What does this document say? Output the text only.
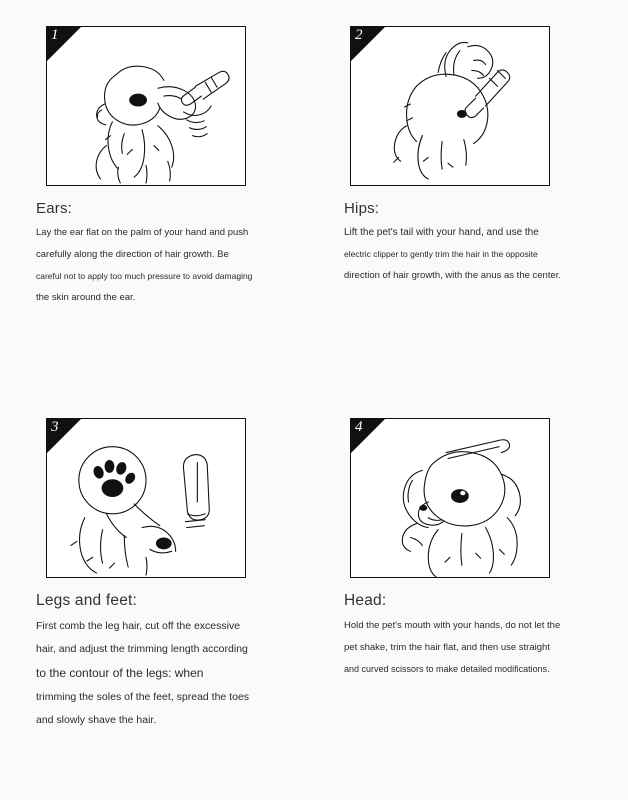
1
Ears:
Lay the ear flat on the palm of your hand and push
carefully along the direction of hair growth. Be
careful not to apply too much pressure to avoid damaging
the skin around the ear.
2
Hips:
Lift the pet's tail with your hand, and use the
electric clipper to gently trim the hair in the opposite
direction of hair growth, with the anus as the center.
3
Legs and feet:
First comb the leg hair, cut off the excessive
hair, and adjust the trimming length according
to the contour of the legs: when
trimming the soles of the feet, spread the toes
and slowly shave the hair.
4
Head:
Hold the pet's mouth with your hands, do not let the
pet shake, trim the hair flat, and then use straight
and curved scissors to make detailed modifications.
